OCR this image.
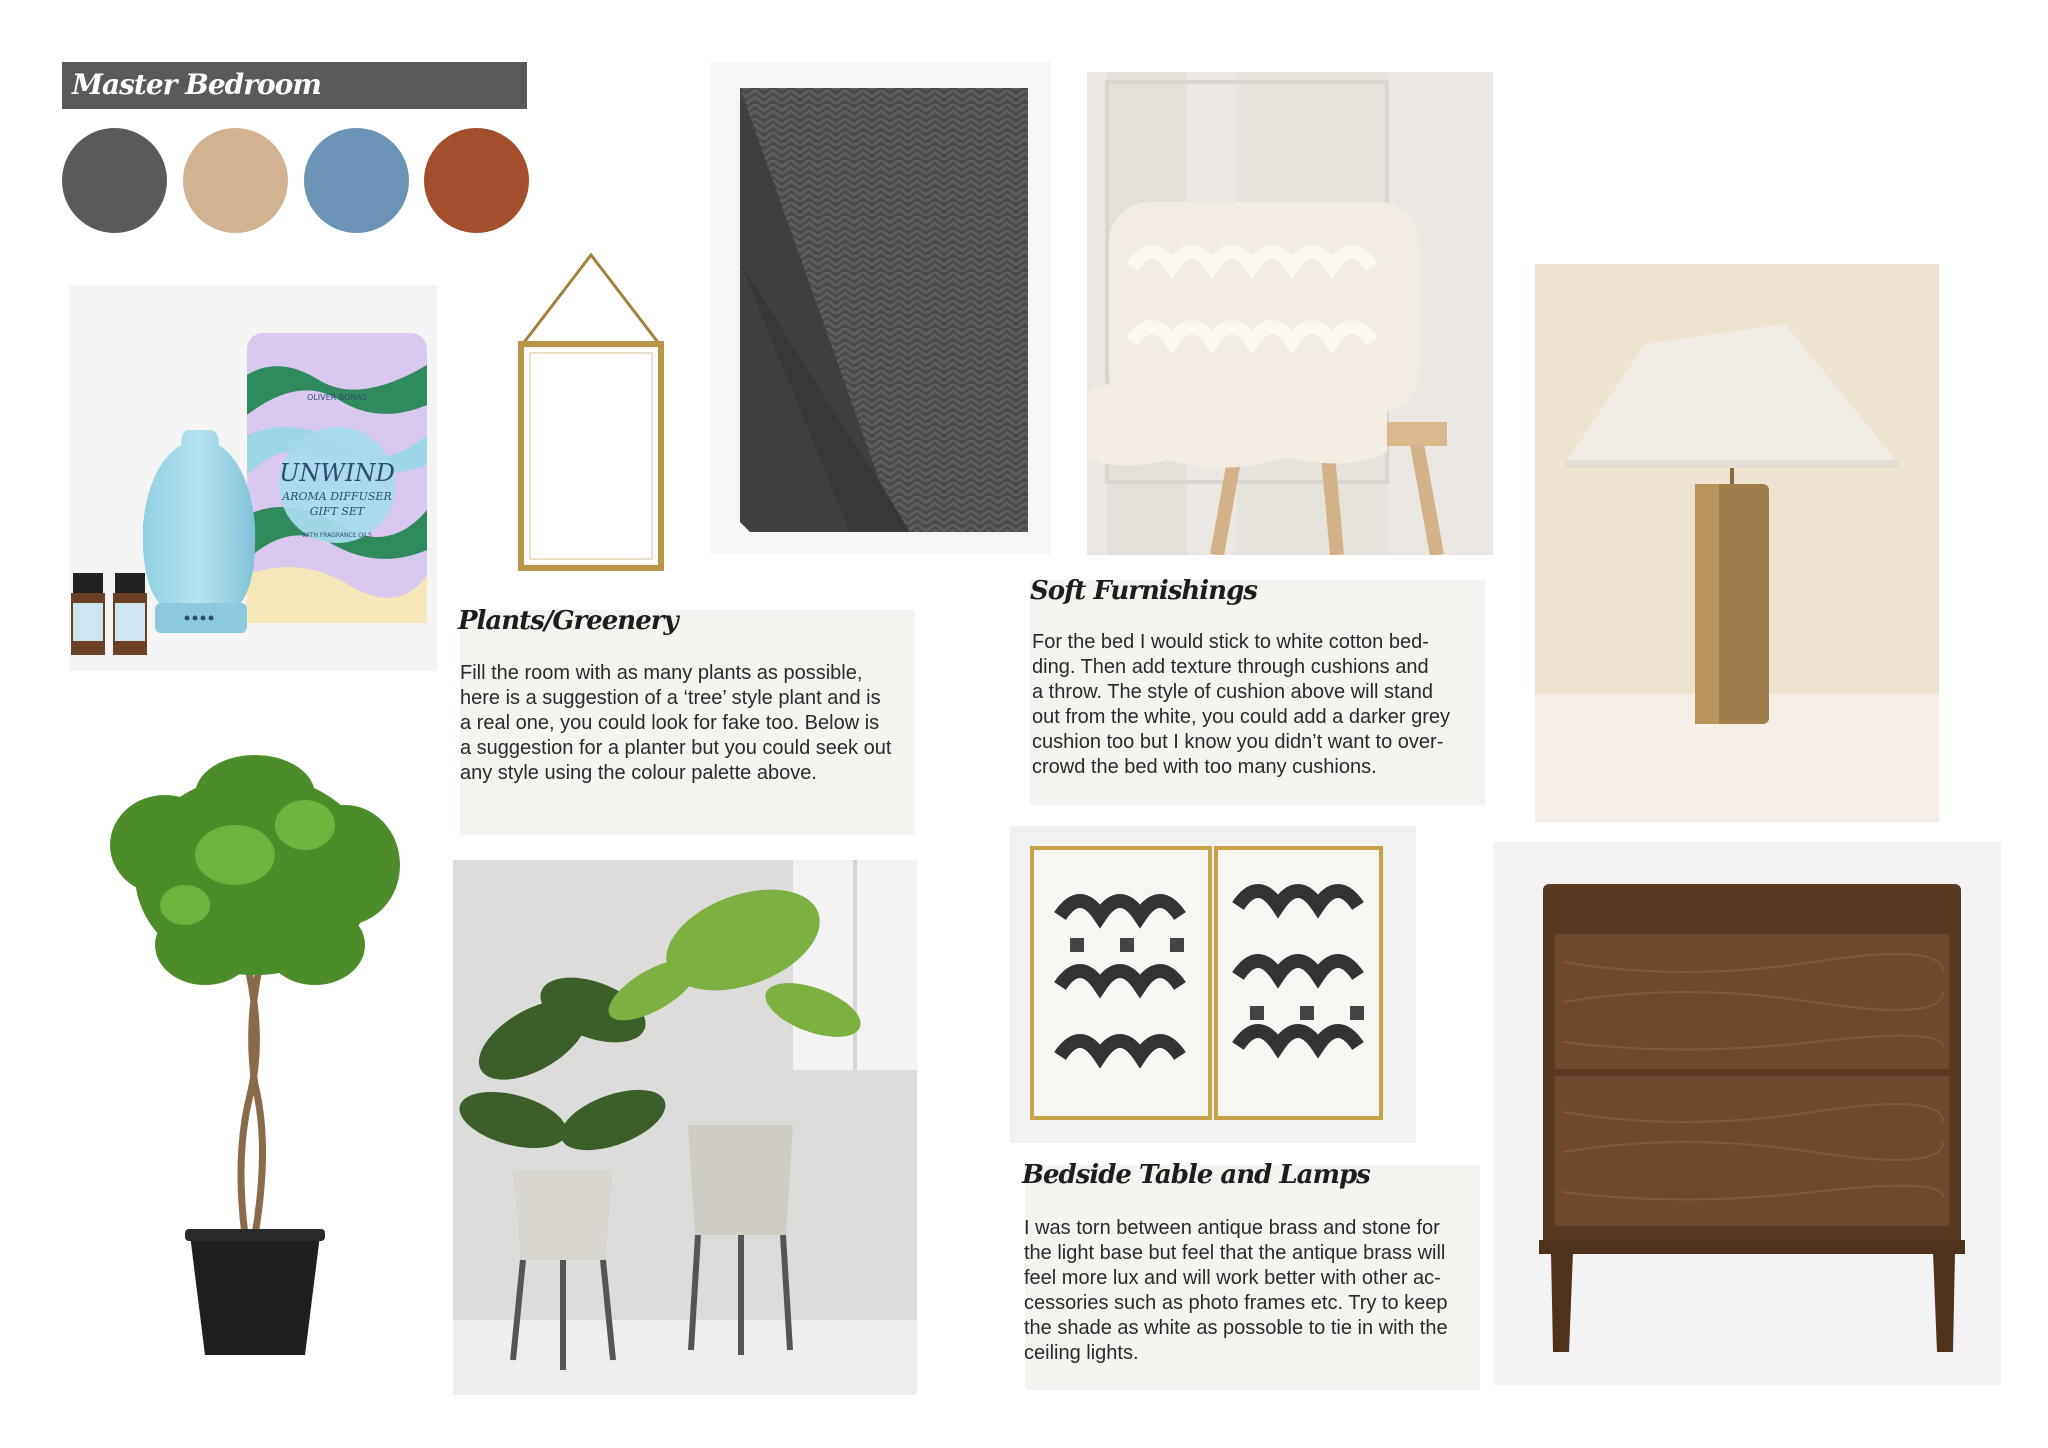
Master Bedroom
OLIVER BONAS
UNWIND
AROMA DIFFUSER
GIFT SET
WITH FRAGRANCE OILS
Plants/Greenery
Fill the room with as many plants as possible,
here is a suggestion of a ‘tree’ style plant and is
a real one, you could look for fake too. Below is
a suggestion for a planter but you could seek out
any style using the colour palette above.
Soft Furnishings
For the bed I would stick to white cotton bed-
ding. Then add texture through cushions and
a throw. The style of cushion above will stand
out from the white, you could add a darker grey
cushion too but I know you didn’t want to over-
crowd the bed with too many cushions.
Bedside Table and Lamps
I was torn between antique brass and stone for
the light base but feel that the antique brass will
feel more lux and will work better with other ac-
cessories such as photo frames etc. Try to keep
the shade as white as possoble to tie in with the
ceiling lights.
